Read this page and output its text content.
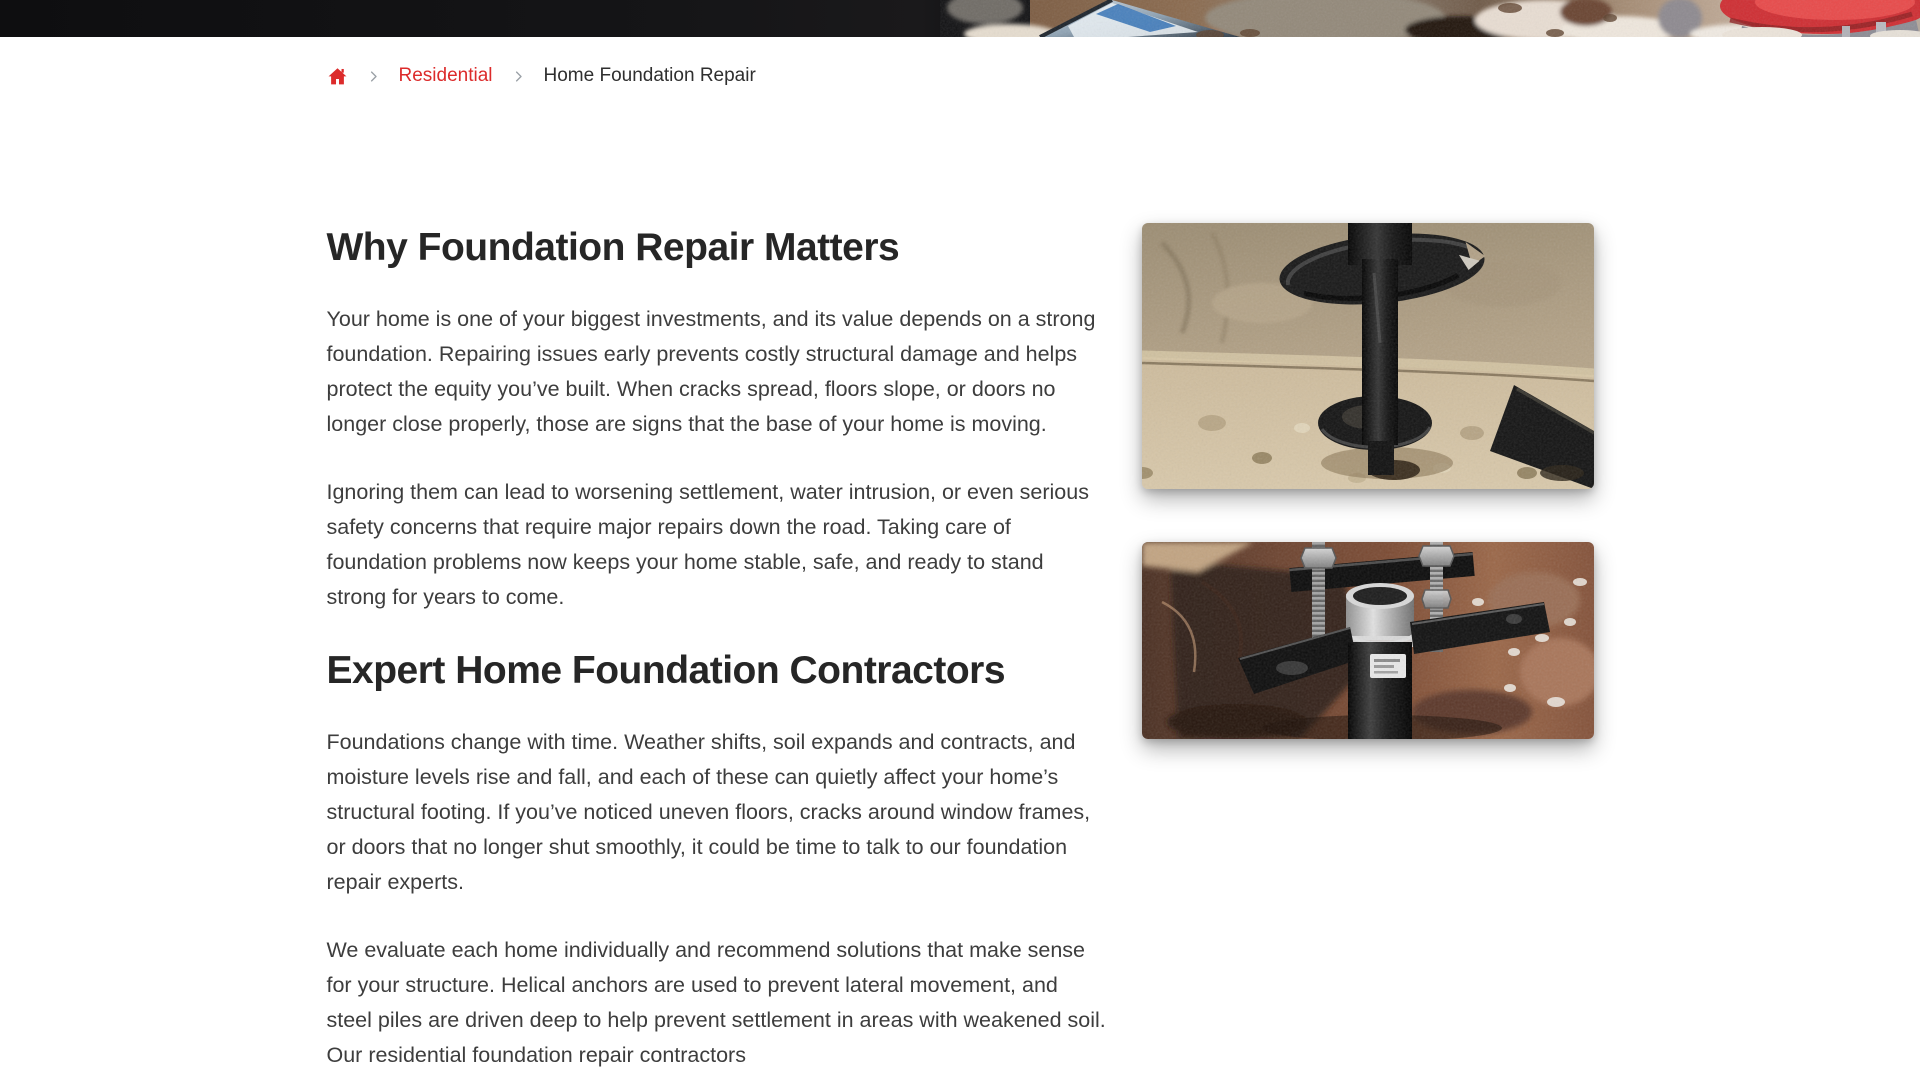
Residential	Home Foundation Repair
Why Foundation Repair Matters

Your home is one of your biggest investments, and its value depends on a strong foundation. Repairing issues early prevents costly structural damage and helps protect the equity you’ve built. When cracks spread, floors slope, or doors no longer close properly, those are signs that the base of your home is moving.

Ignoring them can lead to worsening settlement, water intrusion, or even serious safety concerns that require major repairs down the road. Taking care of foundation problems now keeps your home stable, safe, and ready to stand strong for years to come.

Expert Home Foundation Contractors

Foundations change with time. Weather shifts, soil expands and contracts, and moisture levels rise and fall, and each of these can quietly affect your home’s structural footing. If you’ve noticed uneven floors, cracks around window frames, or doors that no longer shut smoothly, it could be time to talk to our foundation repair experts.

We evaluate each home individually and recommend solutions that make sense for your structure. Helical anchors are used to prevent lateral movement, and steel piles are driven deep to help prevent settlement in areas with weakened soil. Our residential foundation repair contractors
